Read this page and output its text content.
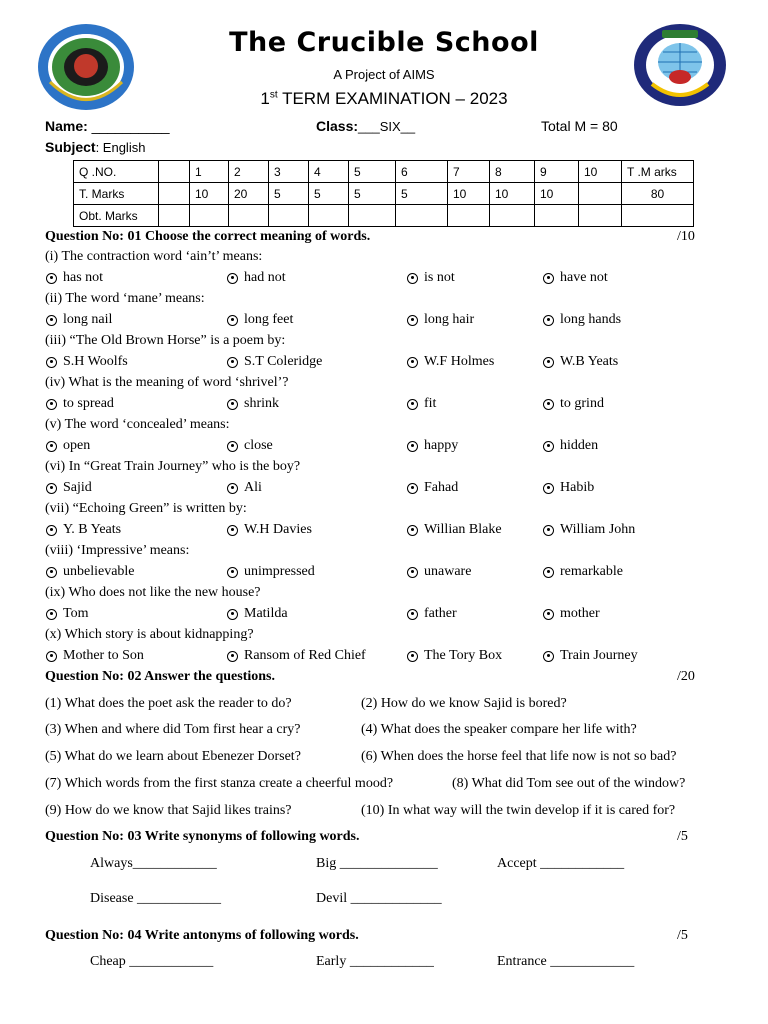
The Crucible School
A Project of AIMS
1st TERM EXAMINATION – 2023
Name: __________	Class:___SIX__	Total M = 80
Subject: English
Q .NO.		1	2	3	4	5	6	7	8	9	10	T .M arks
T. Marks		10	20	5	5	5	5	10	10	10		80
Obt. Marks												
Question No: 01 Choose the correct meaning of words.	/10
(i) The contraction word ‘ain’t’ means:
has not	had not	is not	have not
(ii) The word ‘mane’ means:
long nail	long feet	long hair	long hands
(iii) “The Old Brown Horse” is a poem by:
S.H Woolfs	S.T Coleridge	W.F Holmes	W.B Yeats
(iv) What is the meaning of word ‘shrivel’?
to spread	shrink	fit	to grind
(v) The word ‘concealed’ means:
open	close	happy	hidden
(vi) In “Great Train Journey” who is the boy?
Sajid	Ali	Fahad	Habib
(vii) “Echoing Green” is written by:
Y. B Yeats	W.H Davies	Willian Blake	William John
(viii) ‘Impressive’ means:
unbelievable	unimpressed	unaware	remarkable
(ix) Who does not like the new house?
Tom	Matilda	father	mother
(x) Which story is about kidnapping?
Mother to Son	Ransom of Red Chief	The Tory Box	Train Journey
Question No: 02 Answer the questions.	/20
(1) What does the poet ask the reader to do?	(2) How do we know Sajid is bored?
(3) When and where did Tom first hear a cry?	(4) What does the speaker compare her life with?
(5) What do we learn about Ebenezer Dorset?	(6) When does the horse feel that life now is not so bad?
(7) Which words from the first stanza create a cheerful mood?	(8) What did Tom see out of the window?
(9) How do we know that Sajid likes trains?	(10) In what way will the twin develop if it is cared for?
Question No: 03 Write synonyms of following words.	/5
Always____________	Big ______________	Accept ____________
Disease ____________	Devil _____________
Question No: 04 Write antonyms of following words.	/5
Cheap ____________	Early ____________	Entrance ____________
